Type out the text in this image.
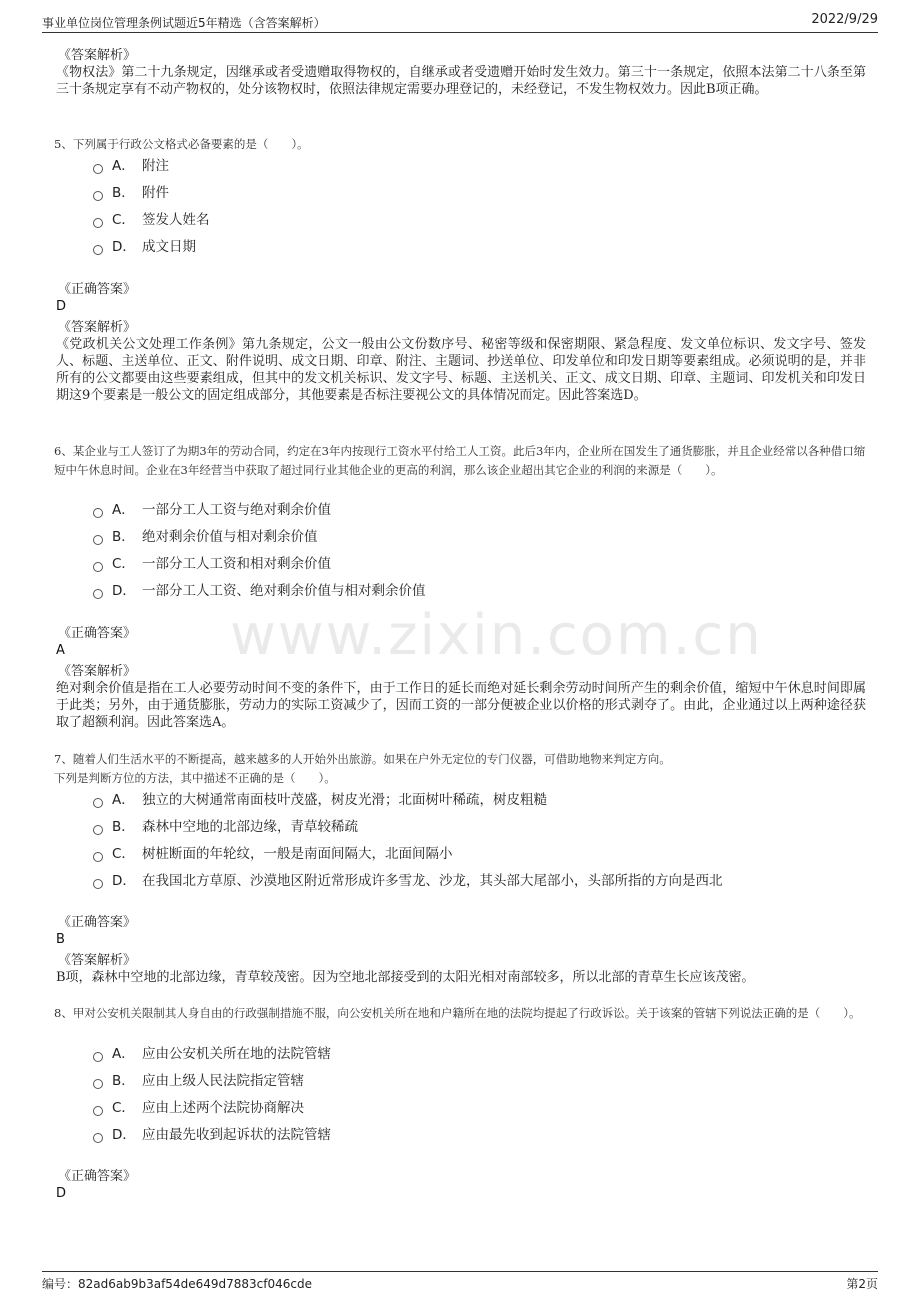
事业单位岗位管理条例试题近5年精选（含答案解析）	2022/9/29
www.zixin.com.cn
《答案解析》
《物权法》第二十九条规定，因继承或者受遗赠取得物权的，自继承或者受遗赠开始时发生效力。第三十一条规定，依照本法第二十八条至第三十条规定享有不动产物权的，处分该物权时，依照法律规定需要办理登记的，未经登记，不发生物权效力。因此B项正确。
5、下列属于行政公文格式必备要素的是（　　）。
A． 附注
B． 附件
C． 签发人姓名
D． 成文日期
《正确答案》
D
《答案解析》
《党政机关公文处理工作条例》第九条规定，公文一般由公文份数序号、秘密等级和保密期限、紧急程度、发文单位标识、发文字号、签发人、标题、主送单位、正文、附件说明、成文日期、印章、附注、主题词、抄送单位、印发单位和印发日期等要素组成。必须说明的是，并非所有的公文都要由这些要素组成，但其中的发文机关标识、发文字号、标题、主送机关、正文、成文日期、印章、主题词、印发机关和印发日期这9个要素是一般公文的固定组成部分，其他要素是否标注要视公文的具体情况而定。因此答案选D。
6、某企业与工人签订了为期3年的劳动合同，约定在3年内按现行工资水平付给工人工资。此后3年内，企业所在国发生了通货膨胀，并且企业经常以各种借口缩短中午休息时间。企业在3年经营当中获取了超过同行业其他企业的更高的利润，那么该企业超出其它企业的利润的来源是（　　）。
A． 一部分工人工资与绝对剩余价值
B． 绝对剩余价值与相对剩余价值
C． 一部分工人工资和相对剩余价值
D． 一部分工人工资、绝对剩余价值与相对剩余价值
《正确答案》
A
《答案解析》
绝对剩余价值是指在工人必要劳动时间不变的条件下，由于工作日的延长而绝对延长剩余劳动时间所产生的剩余价值，缩短中午休息时间即属于此类；另外，由于通货膨胀，劳动力的实际工资减少了，因而工资的一部分便被企业以价格的形式剥夺了。由此，企业通过以上两种途径获取了超额利润。因此答案选A。
7、随着人们生活水平的不断提高，越来越多的人开始外出旅游。如果在户外无定位的专门仪器，可借助地物来判定方向。
下列是判断方位的方法，其中描述不正确的是（　　）。
A． 独立的大树通常南面枝叶茂盛，树皮光滑；北面树叶稀疏，树皮粗糙
B． 森林中空地的北部边缘，青草较稀疏
C． 树桩断面的年轮纹，一般是南面间隔大，北面间隔小
D． 在我国北方草原、沙漠地区附近常形成许多雪龙、沙龙，其头部大尾部小，头部所指的方向是西北
《正确答案》
B
《答案解析》
B项，森林中空地的北部边缘，青草较茂密。因为空地北部接受到的太阳光相对南部较多，所以北部的青草生长应该茂密。
8、甲对公安机关限制其人身自由的行政强制措施不服，向公安机关所在地和户籍所在地的法院均提起了行政诉讼。关于该案的管辖下列说法正确的是（　　）。
A． 应由公安机关所在地的法院管辖
B． 应由上级人民法院指定管辖
C． 应由上述两个法院协商解决
D． 应由最先收到起诉状的法院管辖
《正确答案》
D
编号：82ad6ab9b3af54de649d7883cf046cde	第2页
